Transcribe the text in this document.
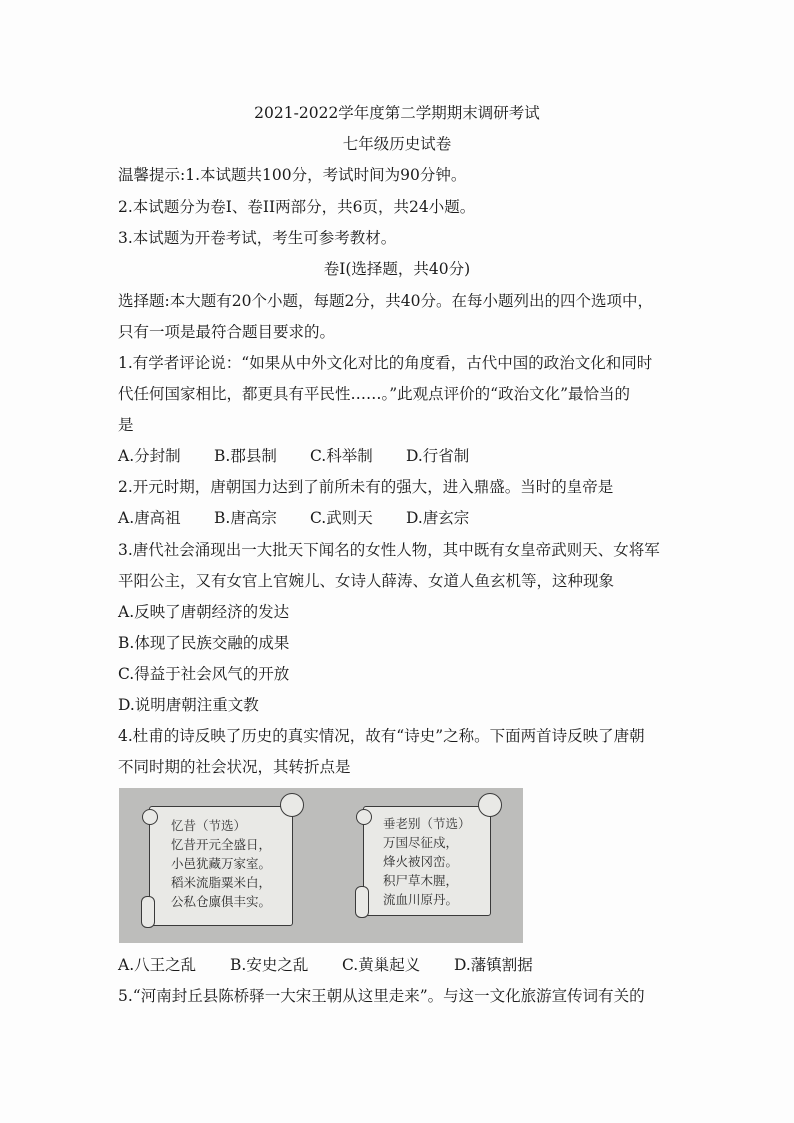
2021-2022学年度第二学期期末调研考试
七年级历史试卷
温馨提示:1.本试题共100分，考试时间为90分钟。
2.本试题分为卷I、卷II两部分，共6页，共24小题。
3.本试题为开卷考试，考生可参考教材。
卷I(选择题，共40分)
选择题:本大题有20个小题，每题2分，共40分。在每小题列出的四个选项中，
只有一项是最符合题目要求的。
1.有学者评论说：“如果从中外文化对比的角度看，古代中国的政治文化和同时
代任何国家相比，都更具有平民性……。”此观点评价的“政治文化”最恰当的
是
A.分封制 B.郡县制 C.科举制 D.行省制
2.开元时期，唐朝国力达到了前所未有的强大，进入鼎盛。当时的皇帝是
A.唐高祖 B.唐高宗 C.武则天 D.唐玄宗
3.唐代社会涌现出一大批天下闻名的女性人物，其中既有女皇帝武则天、女将军
平阳公主，又有女官上官婉儿、女诗人薛涛、女道人鱼玄机等，这种现象
A.反映了唐朝经济的发达
B.体现了民族交融的成果
C.得益于社会风气的开放
D.说明唐朝注重文教
4.杜甫的诗反映了历史的真实情况，故有“诗史”之称。下面两首诗反映了唐朝
不同时期的社会状况，其转折点是
忆昔（节选）
忆昔开元全盛日，
小邑犹藏万家室。
稻米流脂粟米白，
公私仓廪俱丰实。
垂老别（节选）
万国尽征戍，
烽火被冈峦。
积尸草木腥，
流血川原丹。
A.八王之乱 B.安史之乱 C.黄巢起义 D.藩镇割据
5.“河南封丘县陈桥驿一大宋王朝从这里走来”。与这一文化旅游宣传词有关的
